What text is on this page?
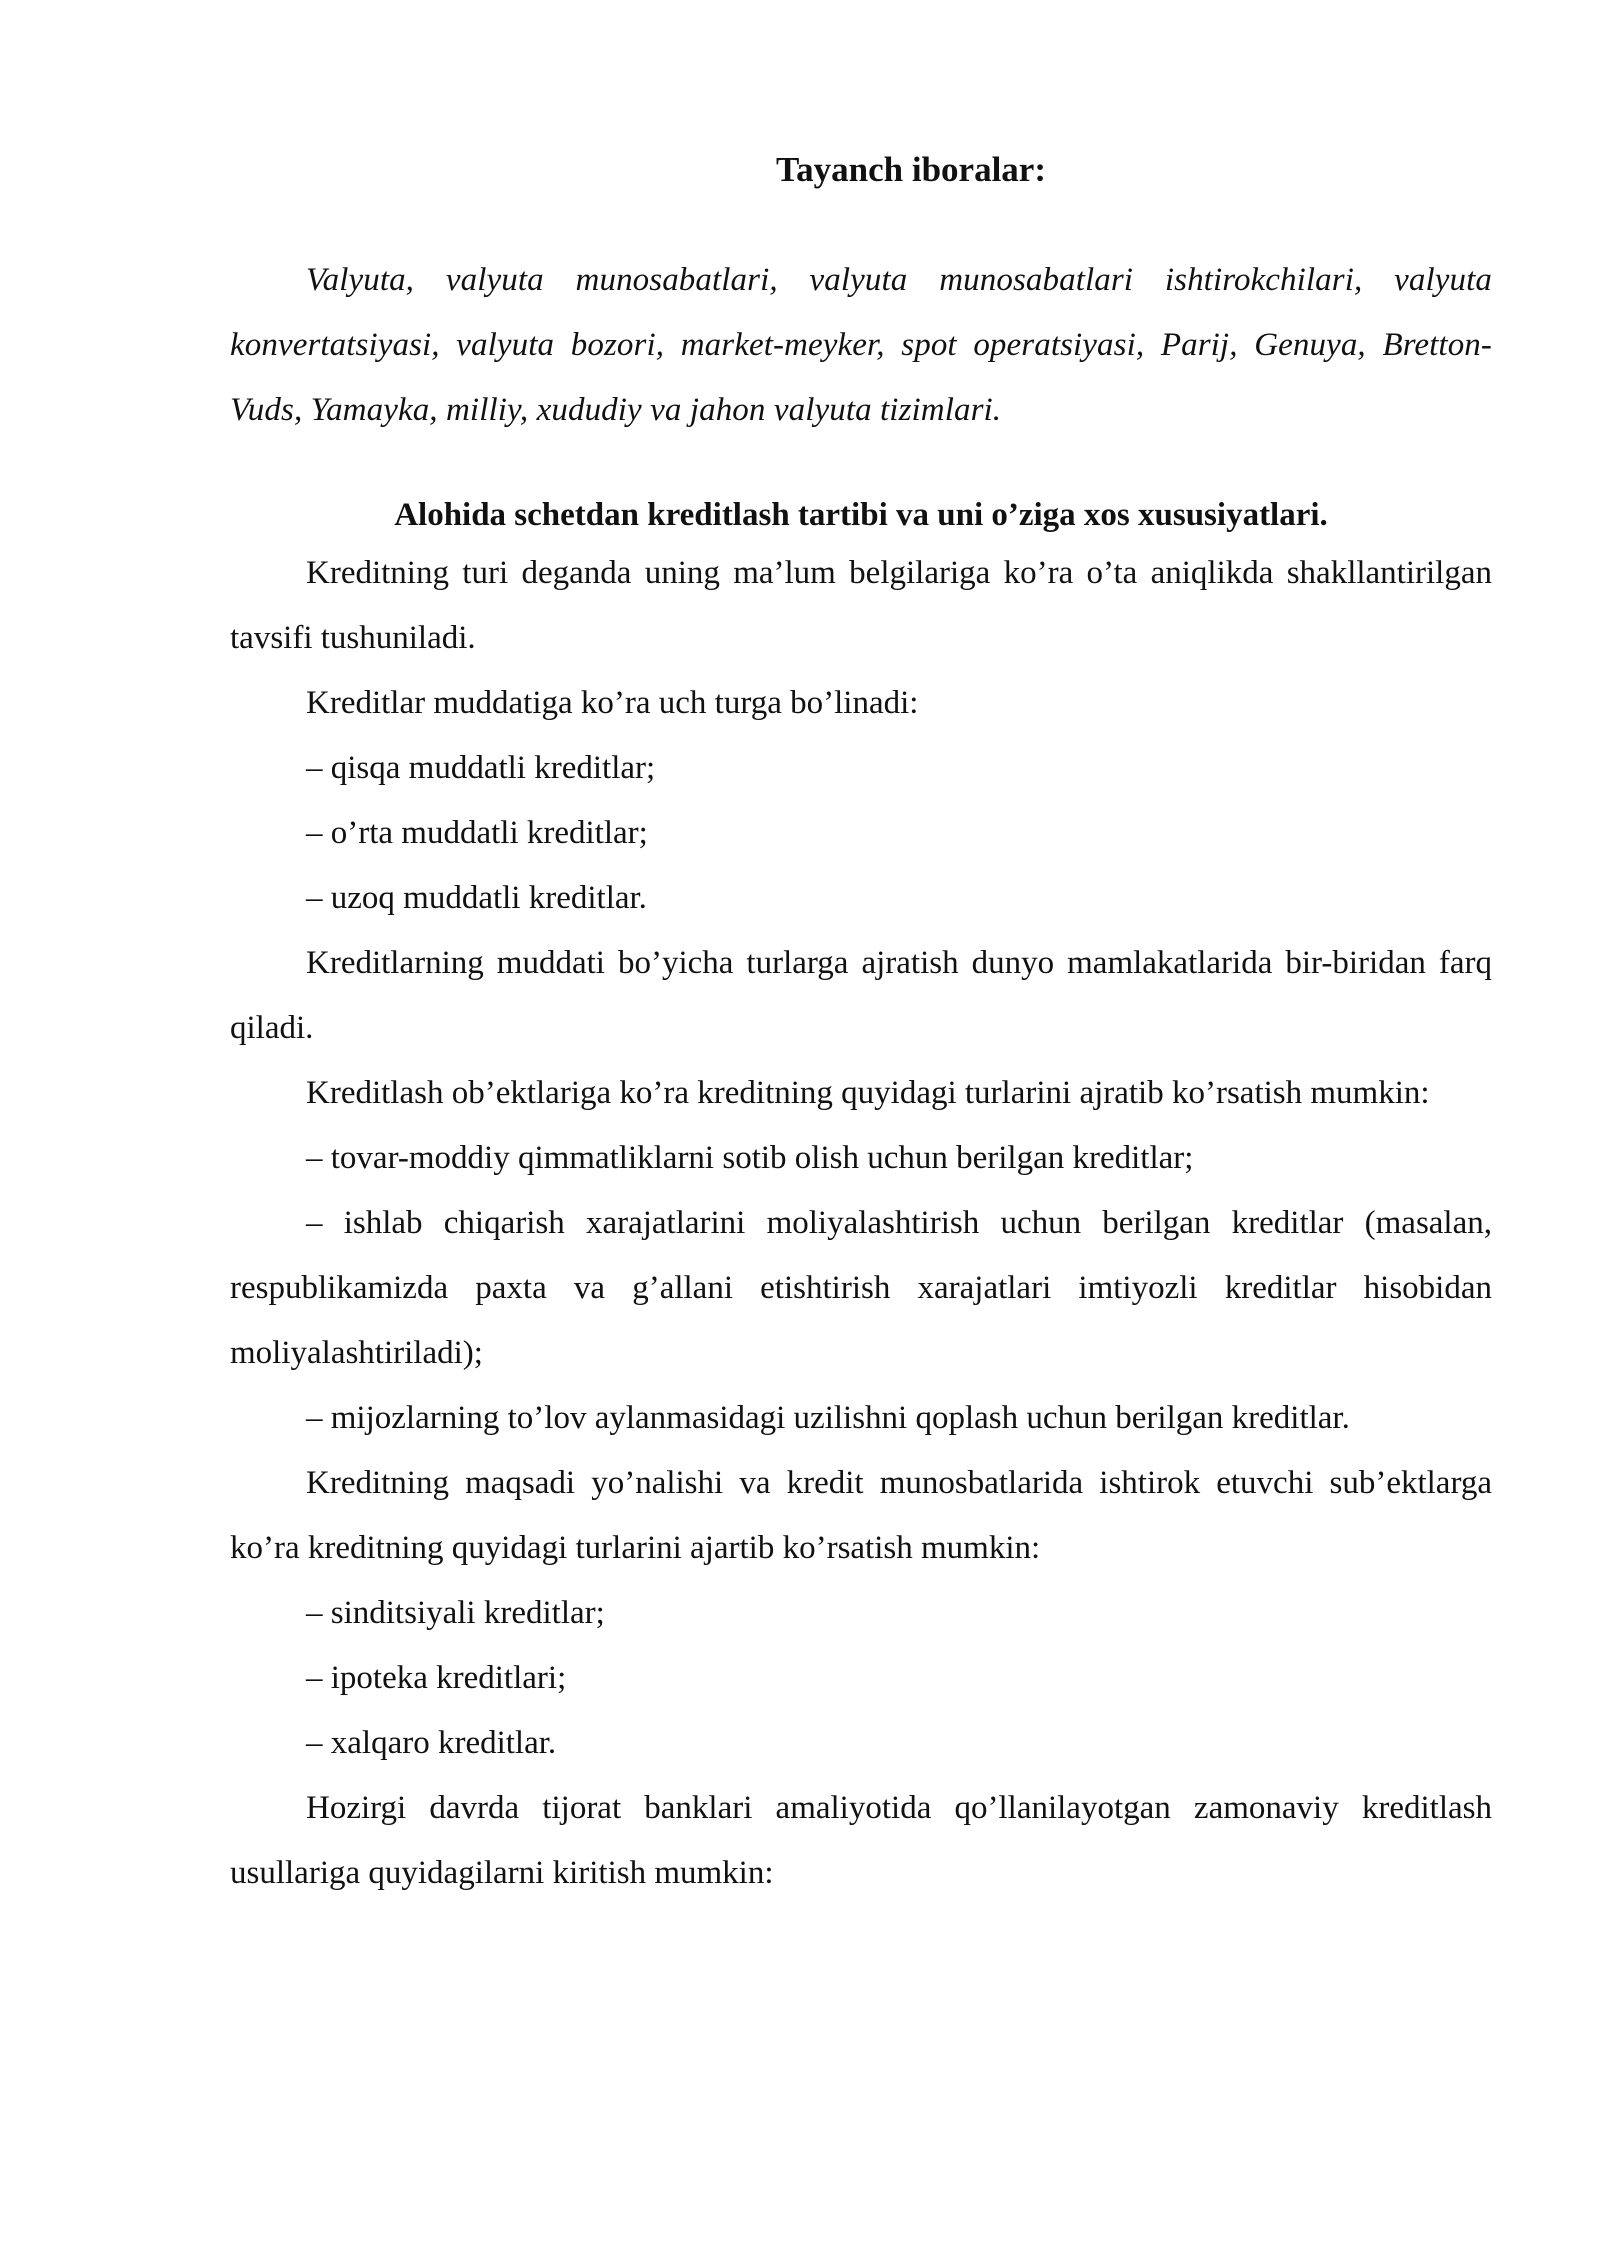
Tayanch iboralar:

Valyuta, valyuta munosabatlari, valyuta munosabatlari ishtirokchilari, valyuta konvertatsiyasi, valyuta bozori, market-meyker, spot operatsiyasi, Parij, Genuya, Bretton-Vuds, Yamayka, milliy, xududiy va jahon valyuta tizimlari.

Alohida schetdan kreditlash tartibi va uni o’ziga xos xususiyatlari.

Kreditning turi deganda uning ma’lum belgilariga ko’ra o’ta aniqlikda shakllantirilgan tavsifi tushuniladi.

Kreditlar muddatiga ko’ra uch turga bo’linadi:

– qisqa muddatli kreditlar;

– o’rta muddatli kreditlar;

– uzoq muddatli kreditlar.

Kreditlarning muddati bo’yicha turlarga ajratish dunyo mamlakatlarida bir-biridan farq qiladi.

Kreditlash ob’ektlariga ko’ra kreditning quyidagi turlarini ajratib ko’rsatish mumkin:

– tovar-moddiy qimmatliklarni sotib olish uchun berilgan kreditlar;

– ishlab chiqarish xarajatlarini moliyalashtirish uchun berilgan kreditlar (masalan, respublikamizda paxta va g’allani etishtirish xarajatlari imtiyozli kreditlar hisobidan moliyalashtiriladi);

– mijozlarning to’lov aylanmasidagi uzilishni qoplash uchun berilgan kreditlar.

Kreditning maqsadi yo’nalishi va kredit munosbatlarida ishtirok etuvchi sub’ektlarga ko’ra kreditning quyidagi turlarini ajartib ko’rsatish mumkin:

– sinditsiyali kreditlar;

– ipoteka kreditlari;

– xalqaro kreditlar.

Hozirgi davrda tijorat banklari amaliyotida qo’llanilayotgan zamonaviy kreditlash usullariga quyidagilarni kiritish mumkin:
